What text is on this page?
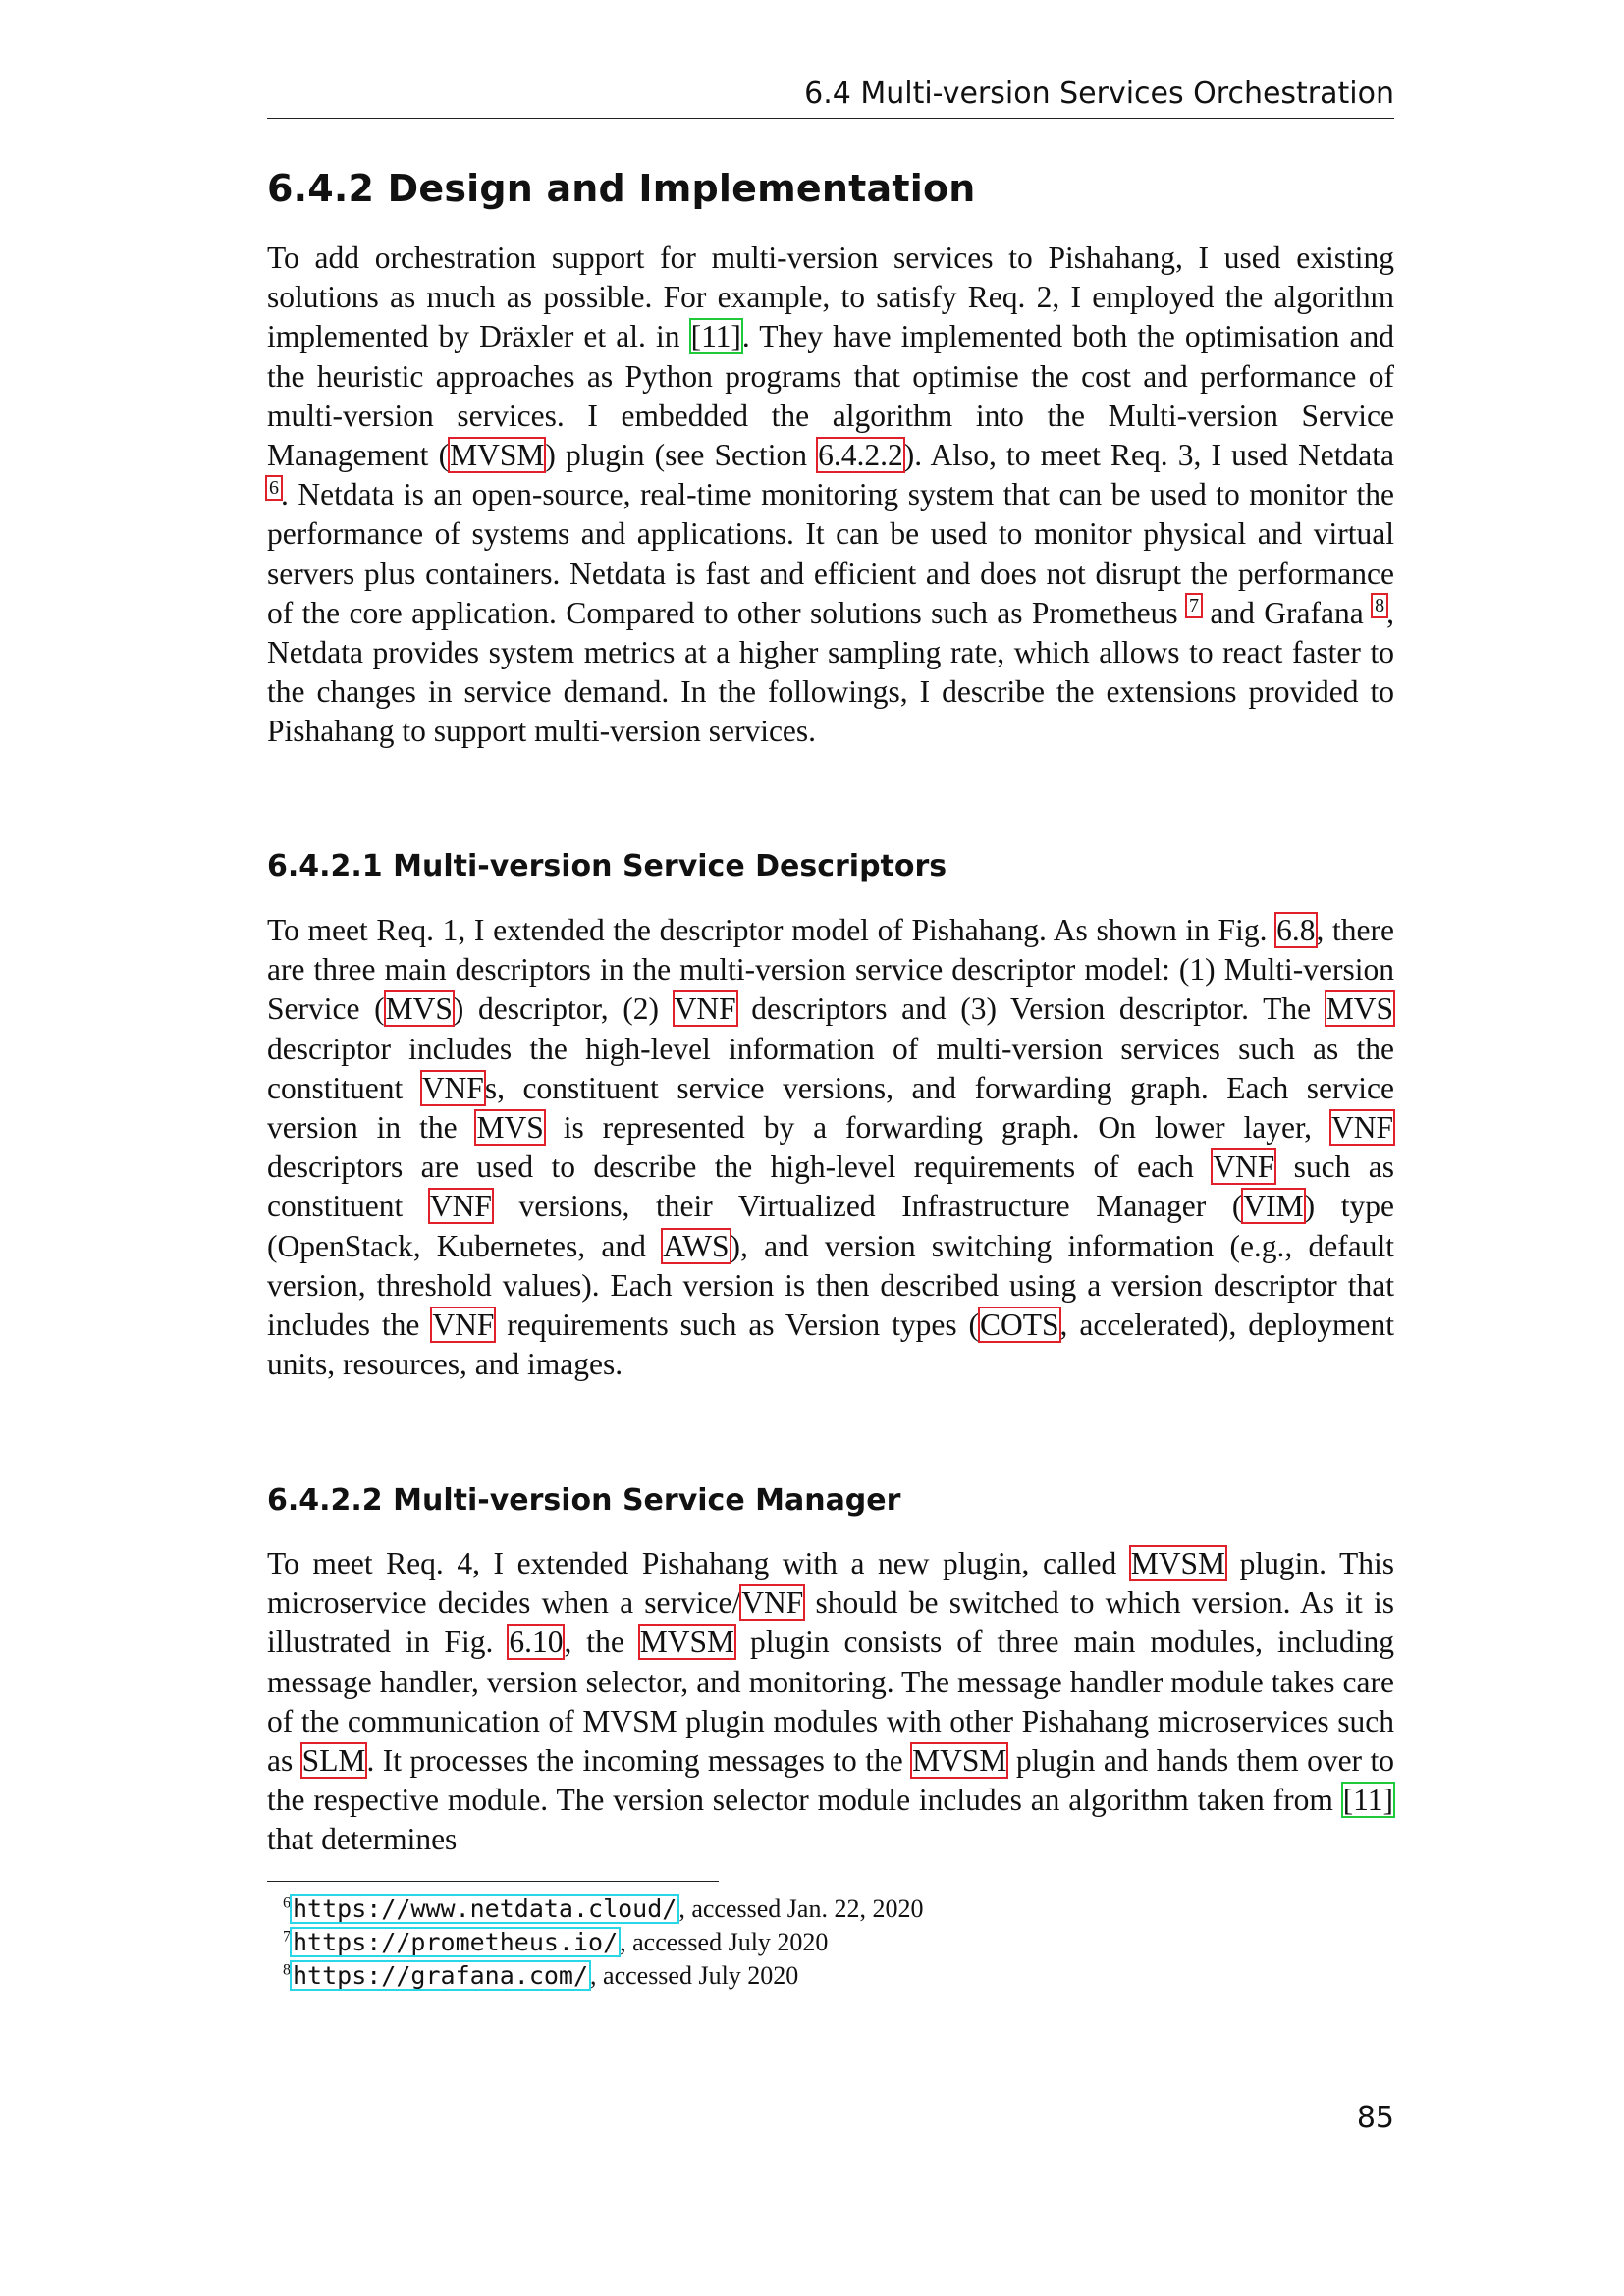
6.4 Multi-version Services Orchestration
6.4.2 Design and Implementation

To add orchestration support for multi-version services to Pishahang, I used existing solutions as much as possible. For example, to satisfy Req. 2, I employed the algorithm implemented by Dräxler et al. in [11]. They have implemented both the optimisation and the heuristic approaches as Python programs that optimise the cost and performance of multi-version services. I embedded the algorithm into the Multi-version Service Management (MVSM) plugin (see Section 6.4.2.2). Also, to meet Req. 3, I used Netdata $^6$. Netdata is an open-source, real-time monitoring system that can be used to monitor the performance of systems and applications. It can be used to monitor physical and virtual servers plus containers. Netdata is fast and efficient and does not disrupt the performance of the core application. Compared to other solutions such as Prometheus $^7$ and Grafana $^8$, Netdata provides system metrics at a higher sampling rate, which allows to react faster to the changes in service demand. In the followings, I describe the extensions provided to Pishahang to support multi-version services.

6.4.2.1 Multi-version Service Descriptors

To meet Req. 1, I extended the descriptor model of Pishahang. As shown in Fig. 6.8, there are three main descriptors in the multi-version service descriptor model: (1) Multi-version Service (MVS) descriptor, (2) VNF descriptors and (3) Version descriptor. The MVS descriptor includes the high-level information of multi-version services such as the constituent VNFs, constituent service versions, and forwarding graph. Each service version in the MVS is represented by a forwarding graph. On lower layer, VNF descriptors are used to describe the high-level requirements of each VNF such as constituent VNF versions, their Virtualized Infrastructure Manager (VIM) type (OpenStack, Kubernetes, and AWS), and version switching information (e.g., default version, threshold values). Each version is then described using a version descriptor that includes the VNF requirements such as Version types (COTS, accelerated), deployment units, resources, and images.

6.4.2.2 Multi-version Service Manager

To meet Req. 4, I extended Pishahang with a new plugin, called MVSM plugin. This microservice decides when a service/VNF should be switched to which version. As it is illustrated in Fig. 6.10, the MVSM plugin consists of three main modules, including message handler, version selector, and monitoring. The message handler module takes care of the communication of MVSM plugin modules with other Pishahang microservices such as SLM. It processes the incoming messages to the MVSM plugin and hands them over to the respective module. The version selector module includes an algorithm taken from [11] that determines

$^6$https://www.netdata.cloud/, accessed Jan. 22, 2020
$^7$https://prometheus.io/, accessed July 2020
$^8$https://grafana.com/, accessed July 2020
85
